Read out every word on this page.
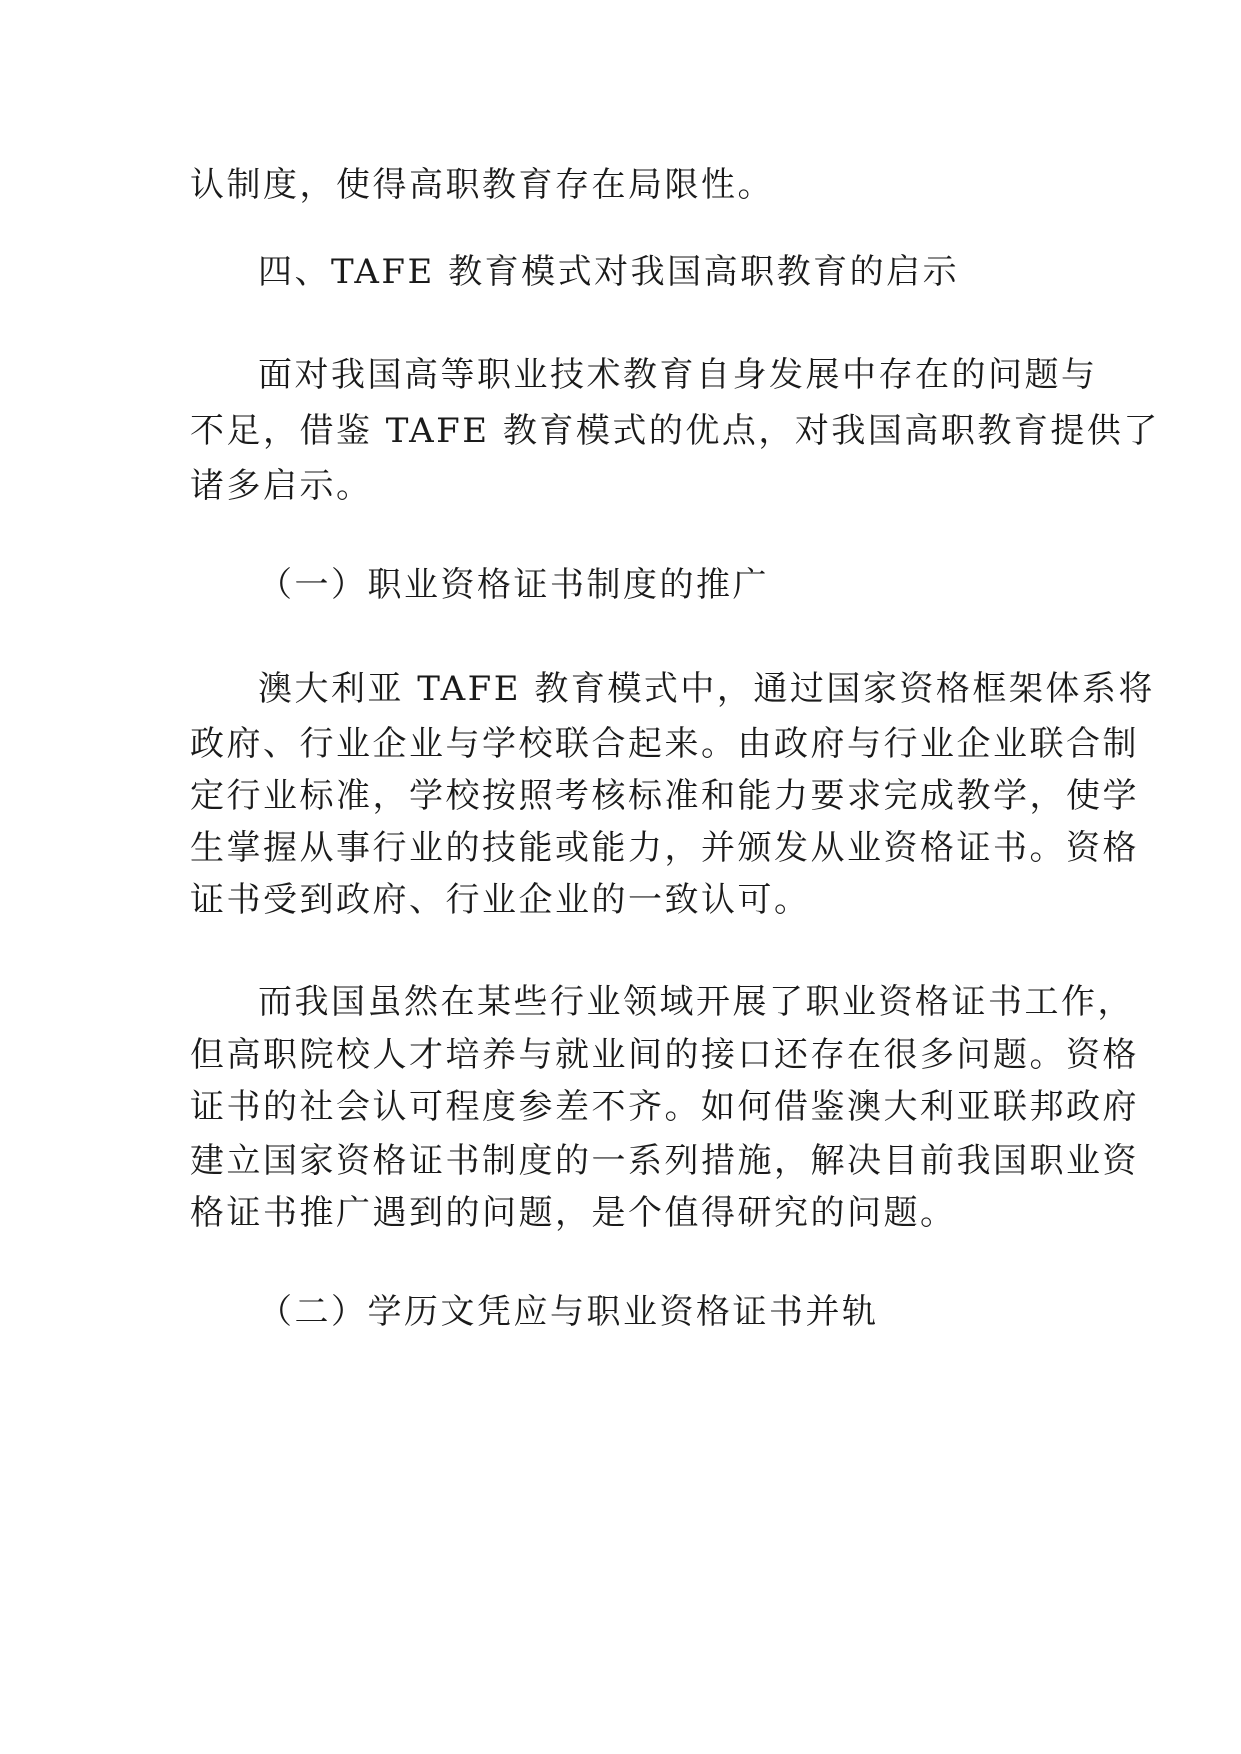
认制度，使得高职教育存在局限性。
四、TAFE 教育模式对我国高职教育的启示
面对我国高等职业技术教育自身发展中存在的问题与
不足，借鉴 TAFE 教育模式的优点，对我国高职教育提供了
诸多启示。
（一）职业资格证书制度的推广
澳大利亚 TAFE 教育模式中，通过国家资格框架体系将
政府、行业企业与学校联合起来。由政府与行业企业联合制
定行业标准，学校按照考核标准和能力要求完成教学，使学
生掌握从事行业的技能或能力，并颁发从业资格证书。资格
证书受到政府、行业企业的一致认可。
而我国虽然在某些行业领域开展了职业资格证书工作，
但高职院校人才培养与就业间的接口还存在很多问题。资格
证书的社会认可程度参差不齐。如何借鉴澳大利亚联邦政府
建立国家资格证书制度的一系列措施，解决目前我国职业资
格证书推广遇到的问题，是个值得研究的问题。
（二）学历文凭应与职业资格证书并轨
